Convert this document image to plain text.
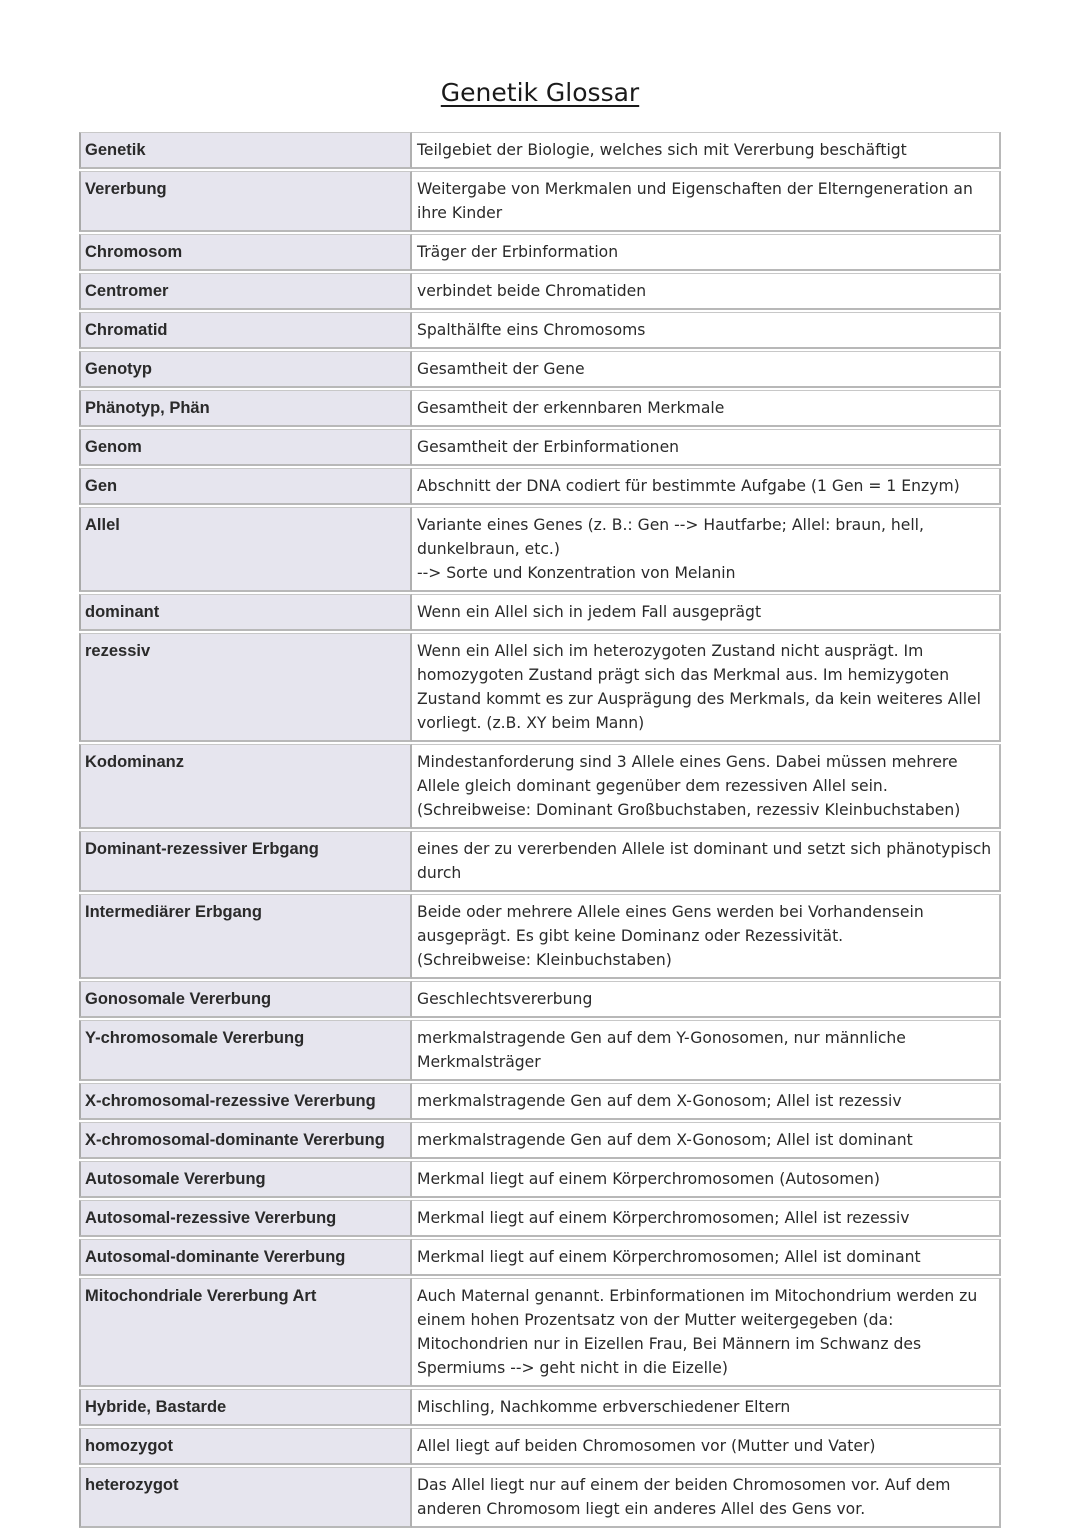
Genetik Glossar
Genetik	Teilgebiet der Biologie, welches sich mit Vererbung beschäftigt

Vererbung	Weitergabe von Merkmalen und Eigenschaften der Elterngeneration an ihre Kinder

Chromosom	Träger der Erbinformation

Centromer	verbindet beide Chromatiden

Chromatid	Spalthälfte eins Chromosoms

Genotyp	Gesamtheit der Gene

Phänotyp, Phän	Gesamtheit der erkennbaren Merkmale

Genom	Gesamtheit der Erbinformationen

Gen	Abschnitt der DNA codiert für bestimmte Aufgabe (1 Gen = 1 Enzym)

Allel	Variante eines Genes (z. B.: Gen --> Hautfarbe; Allel: braun, hell, dunkelbraun, etc.)
--> Sorte und Konzentration von Melanin

dominant	Wenn ein Allel sich in jedem Fall ausgeprägt

rezessiv	Wenn ein Allel sich im heterozygoten Zustand nicht ausprägt. Im homozygoten Zustand prägt sich das Merkmal aus. Im hemizygoten Zustand kommt es zur Ausprägung des Merkmals, da kein weiteres Allel vorliegt. (z.B. XY beim Mann)

Kodominanz	Mindestanforderung sind 3 Allele eines Gens. Dabei müssen mehrere Allele gleich dominant gegenüber dem rezessiven Allel sein.
(Schreibweise: Dominant Großbuchstaben, rezessiv Kleinbuchstaben)

Dominant-rezessiver Erbgang	eines der zu vererbenden Allele ist dominant und setzt sich phänotypisch durch

Intermediärer Erbgang	Beide oder mehrere Allele eines Gens werden bei Vorhandensein ausgeprägt. Es gibt keine Dominanz oder Rezessivität.
(Schreibweise: Kleinbuchstaben)

Gonosomale Vererbung	Geschlechtsvererbung

Y-chromosomale Vererbung	merkmalstragende Gen auf dem Y-Gonosomen, nur männliche Merkmalsträger

X-chromosomal-rezessive Vererbung	merkmalstragende Gen auf dem X-Gonosom; Allel ist rezessiv

X-chromosomal-dominante Vererbung	merkmalstragende Gen auf dem X-Gonosom; Allel ist dominant

Autosomale Vererbung	Merkmal liegt auf einem Körperchromosomen (Autosomen)

Autosomal-rezessive Vererbung	Merkmal liegt auf einem Körperchromosomen; Allel ist rezessiv

Autosomal-dominante Vererbung	Merkmal liegt auf einem Körperchromosomen; Allel ist dominant

Mitochondriale Vererbung Art	Auch Maternal genannt. Erbinformationen im Mitochondrium werden zu einem hohen Prozentsatz von der Mutter weitergegeben (da: Mitochondrien nur in Eizellen Frau, Bei Männern im Schwanz des Spermiums --> geht nicht in die Eizelle)

Hybride, Bastarde	Mischling, Nachkomme erbverschiedener Eltern

homozygot	Allel liegt auf beiden Chromosomen vor (Mutter und Vater)

heterozygot	Das Allel liegt nur auf einem der beiden Chromosomen vor. Auf dem anderen Chromosom liegt ein anderes Allel des Gens vor.
